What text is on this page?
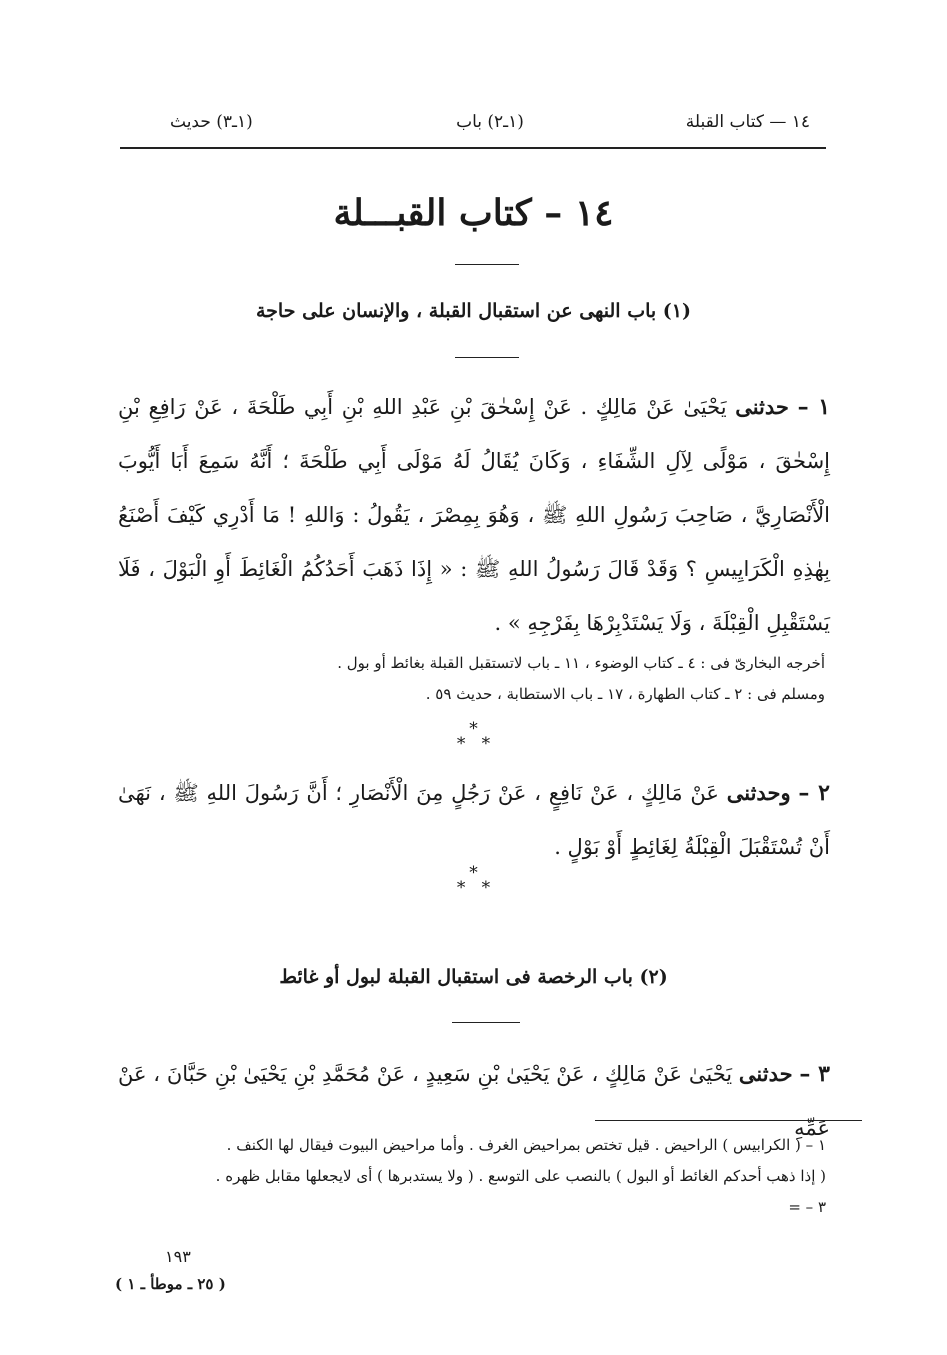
١٤ — كتاب القبلة
(١ـ٢) باب
(١ـ٣) حديث
١٤ – كتاب القبـــلة
(١) باب النهى عن استقبال القبلة ، والإنسان على حاجة
١ – حدثنى يَحْيَىٰ عَنْ مَالِكٍ . عَنْ إِسْحٰقَ بْنِ عَبْدِ اللهِ بْنِ أَبِي طَلْحَةَ ، عَنْ رَافِعِ بْنِ إِسْحٰقَ ، مَوْلًى لِآلِ الشِّفَاءِ ، وَكَانَ يُقَالُ لَهُ مَوْلَى أَبِي طَلْحَةَ ؛ أَنَّهُ سَمِعَ أَبَا أَيُّوبَ الْأَنْصَارِيَّ ، صَاحِبَ رَسُولِ اللهِ ﷺ ، وَهُوَ بِمِصْرَ ، يَقُولُ : وَاللهِ ! مَا أَدْرِي كَيْفَ أَصْنَعُ بِهٰذِهِ الْكَرَايِيسِ ؟ وَقَدْ قَالَ رَسُولُ اللهِ ﷺ : « إِذَا ذَهَبَ أَحَدُكُمُ الْغَائِطَ أَوِ الْبَوْلَ ، فَلَا يَسْتَقْبِلِ الْقِبْلَةَ ، وَلَا يَسْتَدْبِرْهَا بِفَرْجِهِ » .
أخرجه البخارىّ فى : ٤ ـ كتاب الوضوء ، ١١ ـ باب لاتستقبل القبلة بغائط أو بول .
ومسلم فى : ٢ ـ كتاب الطهارة ، ١٧ ـ باب الاستطابة ، حديث ٥٩ .
*
*   *
٢ – وحدثنى عَنْ مَالِكٍ ، عَنْ نَافِعٍ ، عَنْ رَجُلٍ مِنَ الْأَنْصَارِ ؛ أَنَّ رَسُولَ اللهِ ﷺ ، نَهَىٰ أَنْ تُسْتَقْبَلَ الْقِبْلَةُ لِغَائِطٍ أَوْ بَوْلٍ .
*
*   *
(٢) باب الرخصة فى استقبال القبلة لبول أو غائط
٣ – حدثنى يَحْيَىٰ عَنْ مَالِكٍ ، عَنْ يَحْيَىٰ بْنِ سَعِيدٍ ، عَنْ مُحَمَّدِ بْنِ يَحْيَىٰ بْنِ حَبَّانَ ، عَنْ عَمِّهِ
١ – ( الكرابيس ) الراحيض . قيل تختص بمراحيض الغرف . وأما مراحيض البيوت فيقال لها الكنف .
( إذا ذهب أحدكم الغائط أو البول ) بالنصب على التوسع . ( ولا يستدبرها ) أى لايجعلها مقابل ظهره .
٣ – =
١٩٣
( ٢٥ ـ موطأ ـ ١ )
